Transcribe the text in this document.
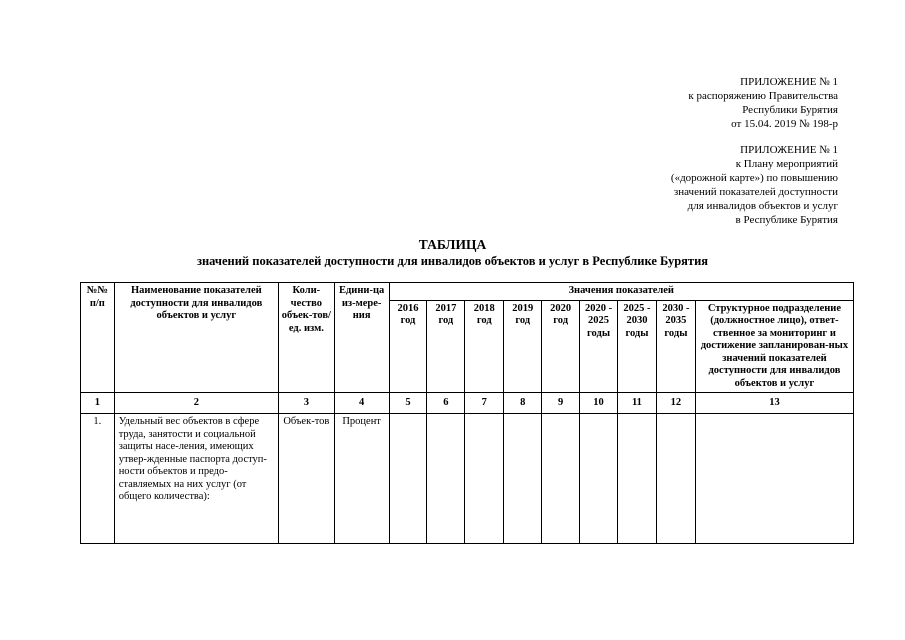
ПРИЛОЖЕНИЕ № 1
к распоряжению Правительства
Республики Бурятия
от 15.04. 2019 № 198-р
ПРИЛОЖЕНИЕ № 1
к Плану мероприятий
(«дорожной карте») по повышению
значений показателей доступности
для инвалидов объектов и услуг
в Республике Бурятия
ТАБЛИЦА
значений показателей доступности для инвалидов объектов и услуг в Республике Бурятия
№№ п/п	Наименование показателей доступности для инвалидов объектов и услуг	Коли-чество объек-тов/ед. изм.	Едини-ца из-мере-ния	Значения показателей								
				2016 год	2017 год	2018 год	2019 год	2020 год	2020 - 2025 годы	2025 - 2030 годы	2030 - 2035 годы	Структурное подразделение (должностное лицо), ответ-ственное за мониторинг и достижение запланирован-ных значений показателей доступности для инвалидов объектов и услуг
1	2	3	4	5	6	7	8	9	10	11	12	13
1.	Удельный вес объектов в сфере труда, занятости и социальной защиты насе-ления, имеющих утвер-жденные паспорта доступ-ности объектов и предо-ставляемых на них услуг (от общего количества):	Объек-тов	Процент									
